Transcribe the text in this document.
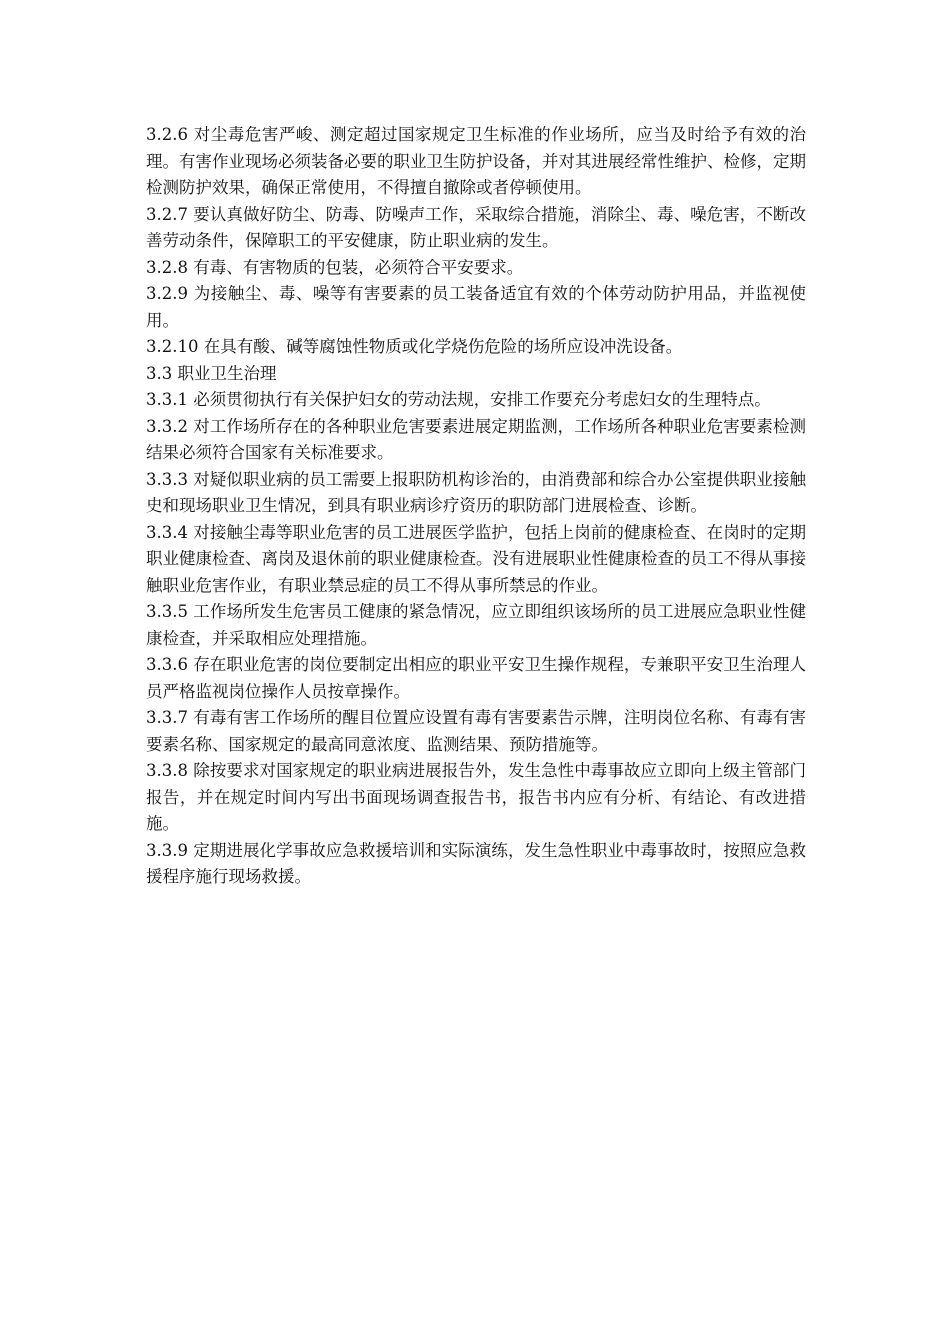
3.2.6 对尘毒危害严峻、测定超过国家规定卫生标准的作业场所，应当及时给予有效的治理。有害作业现场必须装备必要的职业卫生防护设备，并对其进展经常性维护、检修，定期检测防护效果，确保正常使用，不得擅自撤除或者停顿使用。

3.2.7 要认真做好防尘、防毒、防噪声工作，采取综合措施，消除尘、毒、噪危害，不断改善劳动条件，保障职工的平安健康，防止职业病的发生。

3.2.8 有毒、有害物质的包装，必须符合平安要求。

3.2.9 为接触尘、毒、噪等有害要素的员工装备适宜有效的个体劳动防护用品，并监视使用。

3.2.10 在具有酸、碱等腐蚀性物质或化学烧伤危险的场所应设冲洗设备。

3.3 职业卫生治理

3.3.1 必须贯彻执行有关保护妇女的劳动法规，安排工作要充分考虑妇女的生理特点。

3.3.2 对工作场所存在的各种职业危害要素进展定期监测，工作场所各种职业危害要素检测结果必须符合国家有关标准要求。

3.3.3 对疑似职业病的员工需要上报职防机构诊治的，由消费部和综合办公室提供职业接触史和现场职业卫生情况，到具有职业病诊疗资历的职防部门进展检查、诊断。

3.3.4 对接触尘毒等职业危害的员工进展医学监护，包括上岗前的健康检查、在岗时的定期职业健康检查、离岗及退休前的职业健康检查。没有进展职业性健康检查的员工不得从事接触职业危害作业，有职业禁忌症的员工不得从事所禁忌的作业。

3.3.5 工作场所发生危害员工健康的紧急情况，应立即组织该场所的员工进展应急职业性健康检查，并采取相应处理措施。

3.3.6 存在职业危害的岗位要制定出相应的职业平安卫生操作规程，专兼职平安卫生治理人员严格监视岗位操作人员按章操作。

3.3.7 有毒有害工作场所的醒目位置应设置有毒有害要素告示牌，注明岗位名称、有毒有害要素名称、国家规定的最高同意浓度、监测结果、预防措施等。

3.3.8 除按要求对国家规定的职业病进展报告外，发生急性中毒事故应立即向上级主管部门报告，并在规定时间内写出书面现场调查报告书，报告书内应有分析、有结论、有改进措施。

3.3.9 定期进展化学事故应急救援培训和实际演练，发生急性职业中毒事故时，按照应急救援程序施行现场救援。
